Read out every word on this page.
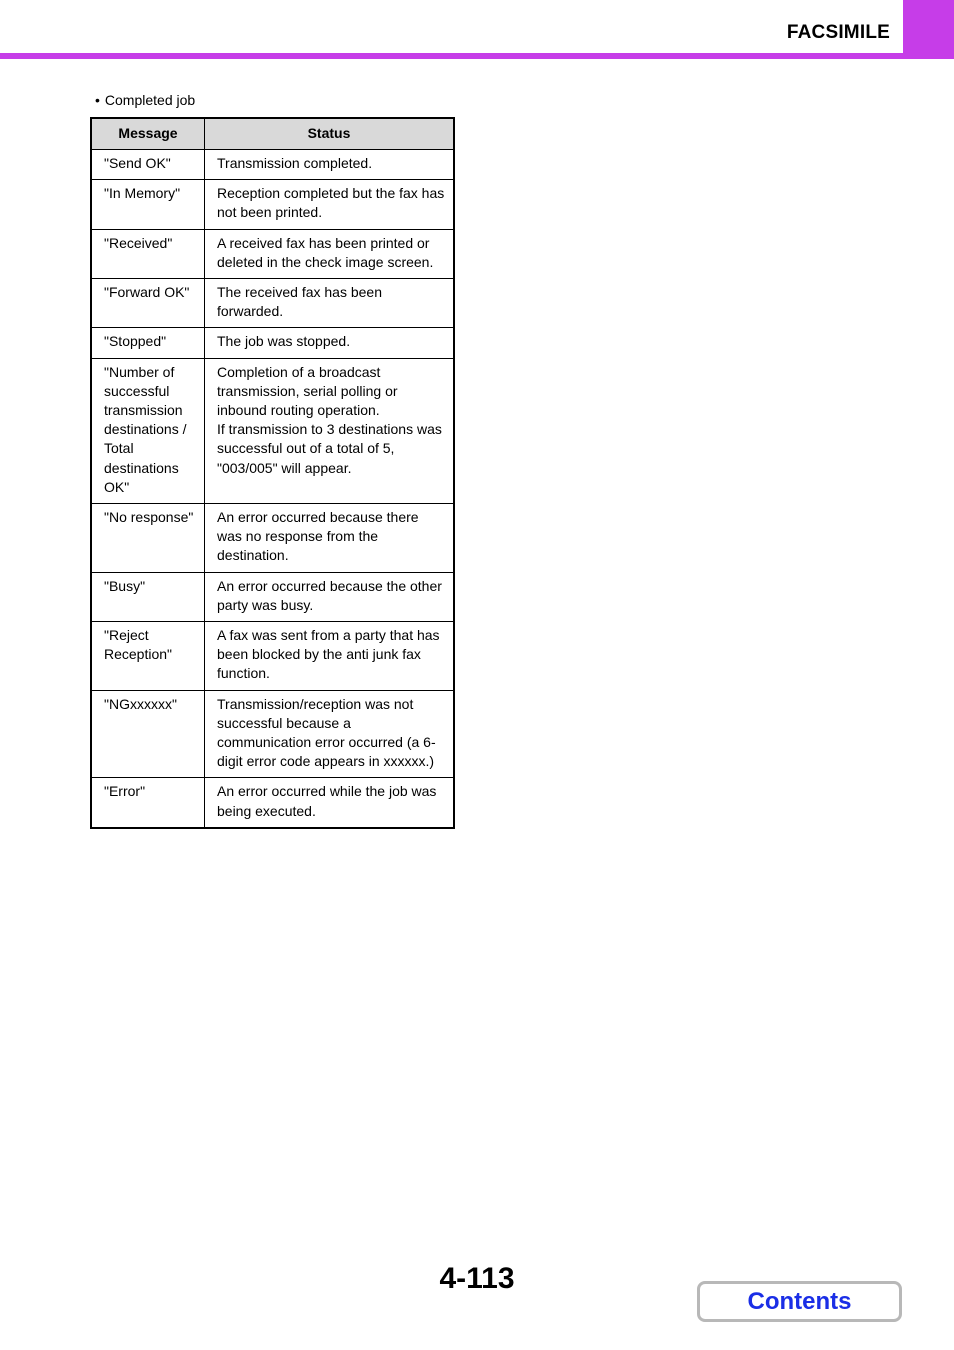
FACSIMILE
• Completed job
Message	Status
"Send OK"	Transmission completed.
"In Memory"	Reception completed but the fax has not been printed.
"Received"	A received fax has been printed or deleted in the check image screen.
"Forward OK"	The received fax has been forwarded.
"Stopped"	The job was stopped.
"Number of successful transmission destinations / Total destinations OK"	Completion of a broadcast transmission, serial polling or inbound routing operation.
If transmission to 3 destinations was successful out of a total of 5, "003/005" will appear.
"No response"	An error occurred because there was no response from the destination.
"Busy"	An error occurred because the other party was busy.
"Reject Reception"	A fax was sent from a party that has been blocked by the anti junk fax function.
"NGxxxxxx"	Transmission/reception was not successful because a communication error occurred (a 6-digit error code appears in xxxxxx.)
"Error"	An error occurred while the job was being executed.
4-113
Contents
